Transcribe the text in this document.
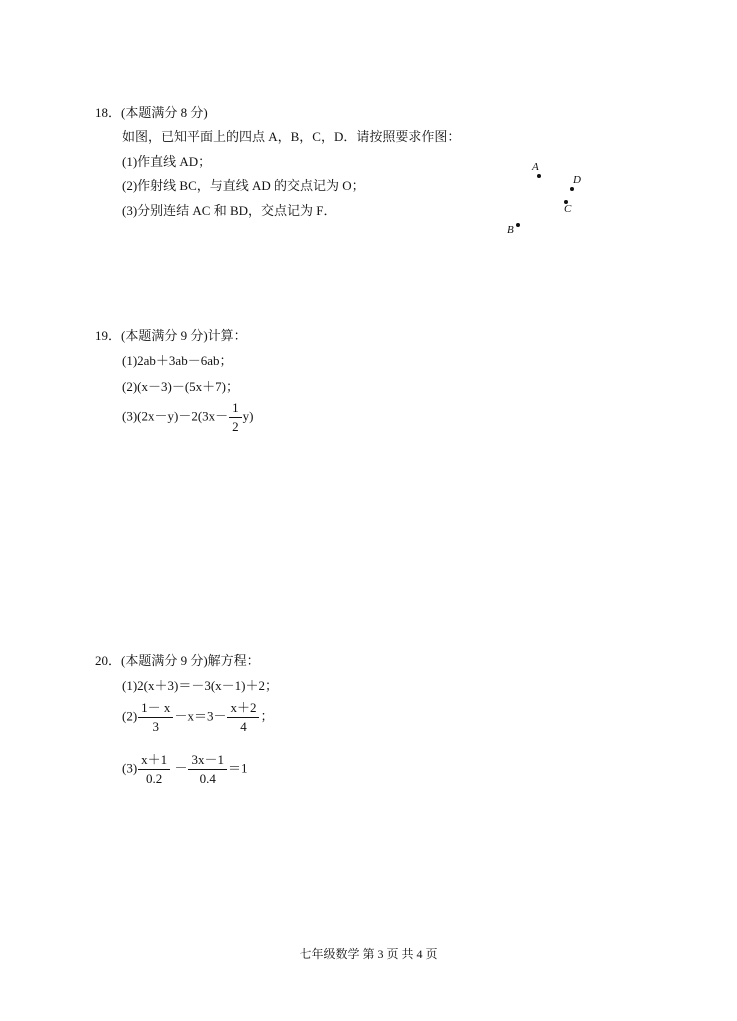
18．(本题满分 8 分)
如图，已知平面上的四点 A，B，C，D．请按照要求作图：
(1)作直线 AD；
(2)作射线 BC，与直线 AD 的交点记为 O；
(3)分别连结 AC 和 BD，交点记为 F．
A
D
C
B
19．(本题满分 9 分)计算：
(1)2ab＋3ab－6ab；
(2)(x－3)－(5x＋7)；
$(3)(2x-y)-2(3x- \frac{1}{2} y)$
20．(本题满分 9 分)解方程：
(1)2(x＋3)＝－3(x－1)＋2；
$(2) \frac{1- x}{3} -x=3- \frac{x+2}{4}$ ；
$(3) \frac{x+1}{0.2} - \frac{3x-1}{0.4} =1$
七年级数学 第 3 页 共 4 页
